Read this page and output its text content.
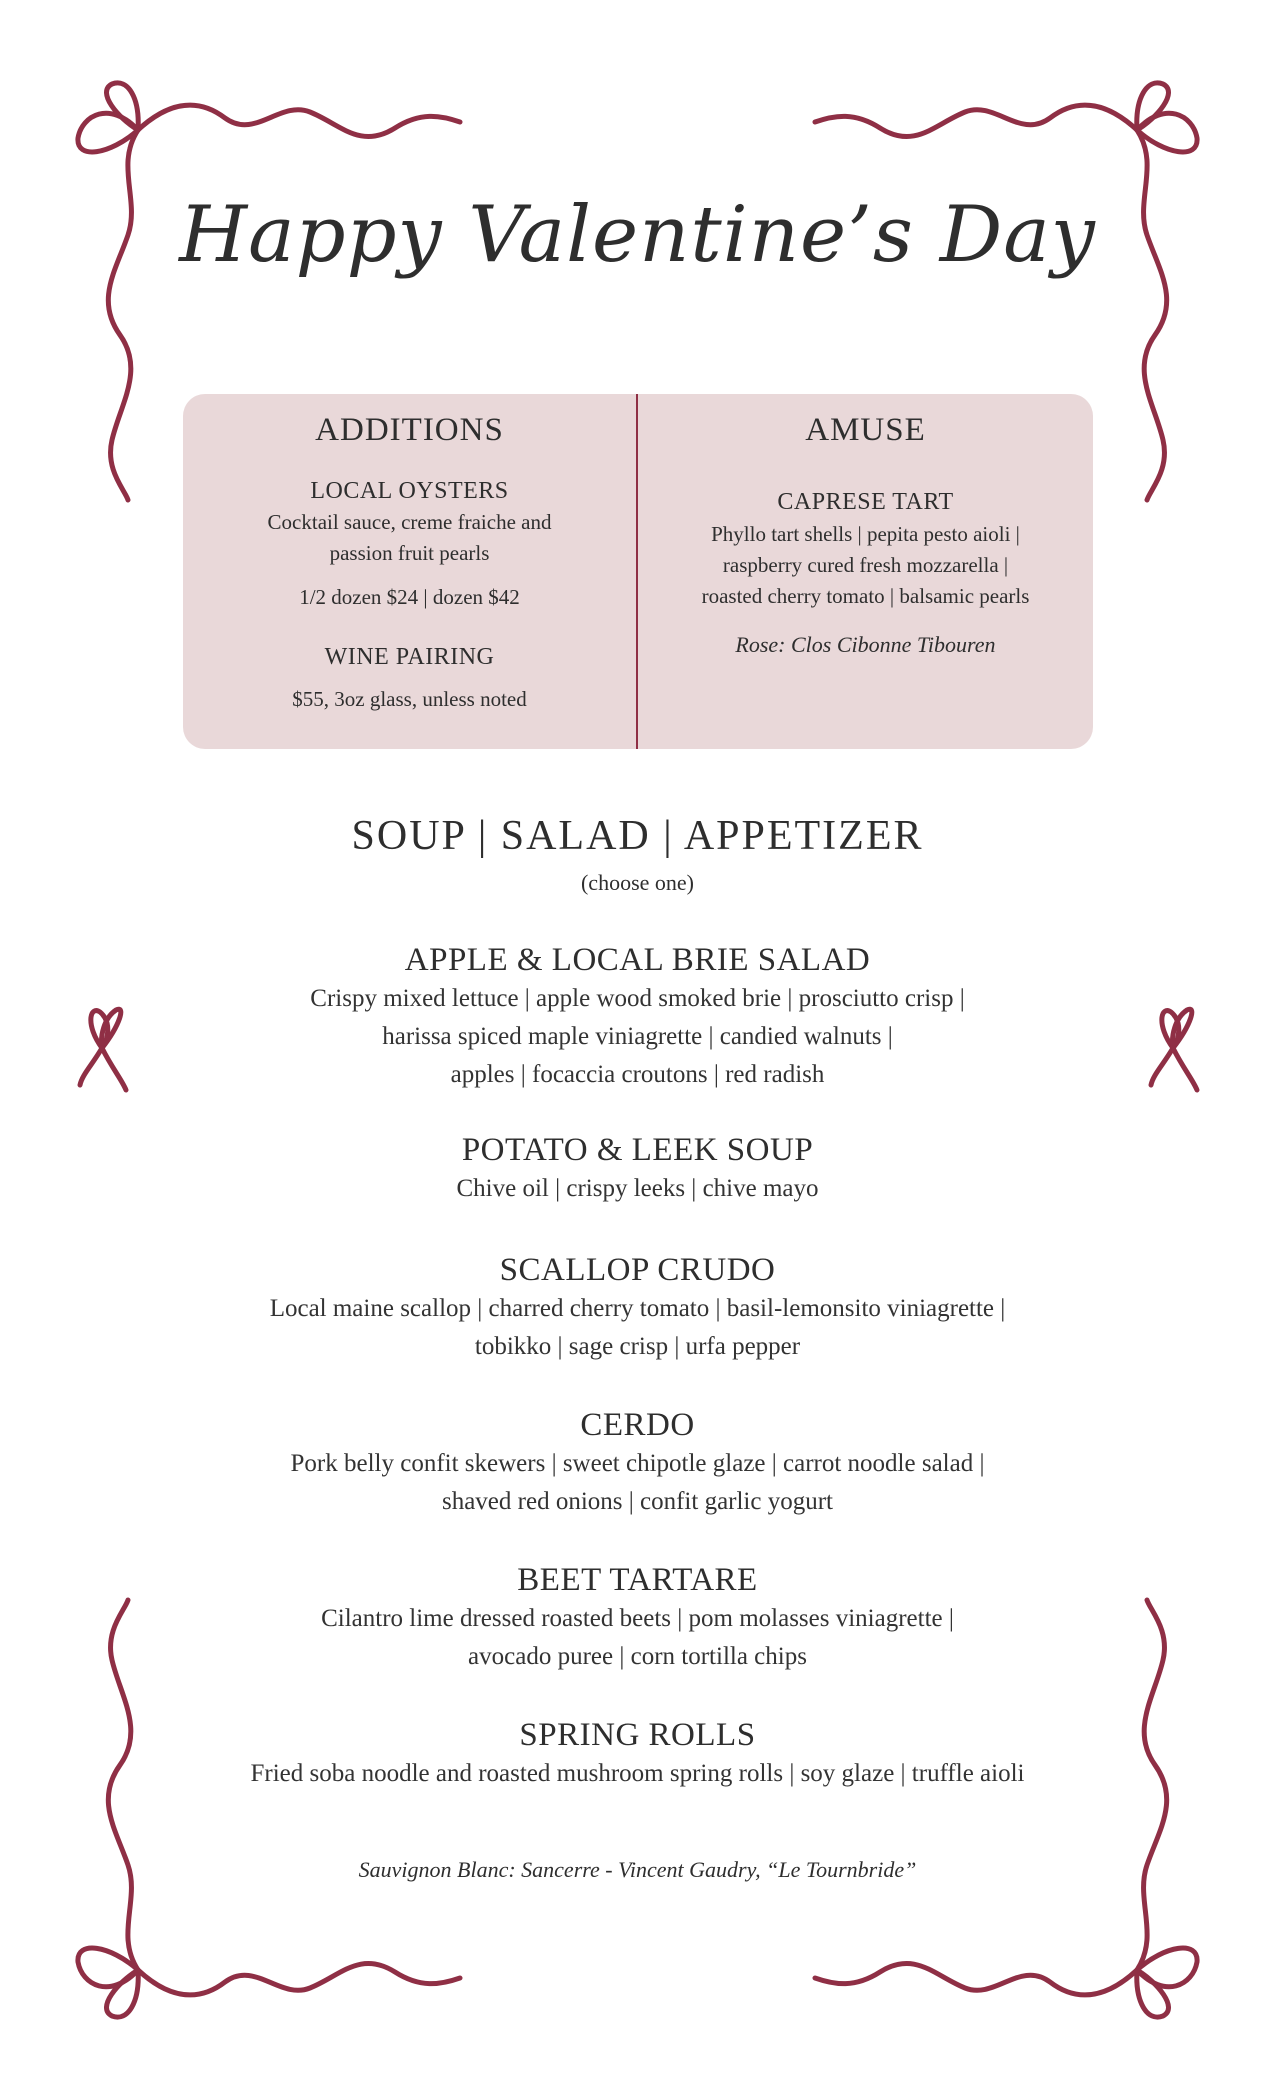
Happy Valentine’s Day
ADDITIONS
LOCAL OYSTERS
Cocktail sauce, creme fraiche and
passion fruit pearls
1/2 dozen $24 | dozen $42
WINE PAIRING
$55, 3oz glass, unless noted
AMUSE
CAPRESE TART
Phyllo tart shells | pepita pesto aioli |
raspberry cured fresh mozzarella |
roasted cherry tomato | balsamic pearls
Rose: Clos Cibonne Tibouren
SOUP | SALAD | APPETIZER
(choose one)
APPLE & LOCAL BRIE SALAD
Crispy mixed lettuce | apple wood smoked brie | prosciutto crisp |
harissa spiced maple viniagrette | candied walnuts |
apples | focaccia croutons | red radish
POTATO & LEEK SOUP
Chive oil | crispy leeks | chive mayo
SCALLOP CRUDO
Local maine scallop | charred cherry tomato | basil-lemonsito viniagrette |
tobikko | sage crisp | urfa pepper
CERDO
Pork belly confit skewers | sweet chipotle glaze | carrot noodle salad |
shaved red onions | confit garlic yogurt
BEET TARTARE
Cilantro lime dressed roasted beets | pom molasses viniagrette |
avocado puree | corn tortilla chips
SPRING ROLLS
Fried soba noodle and roasted mushroom spring rolls | soy glaze | truffle aioli
Sauvignon Blanc: Sancerre - Vincent Gaudry, “Le Tournbride”
